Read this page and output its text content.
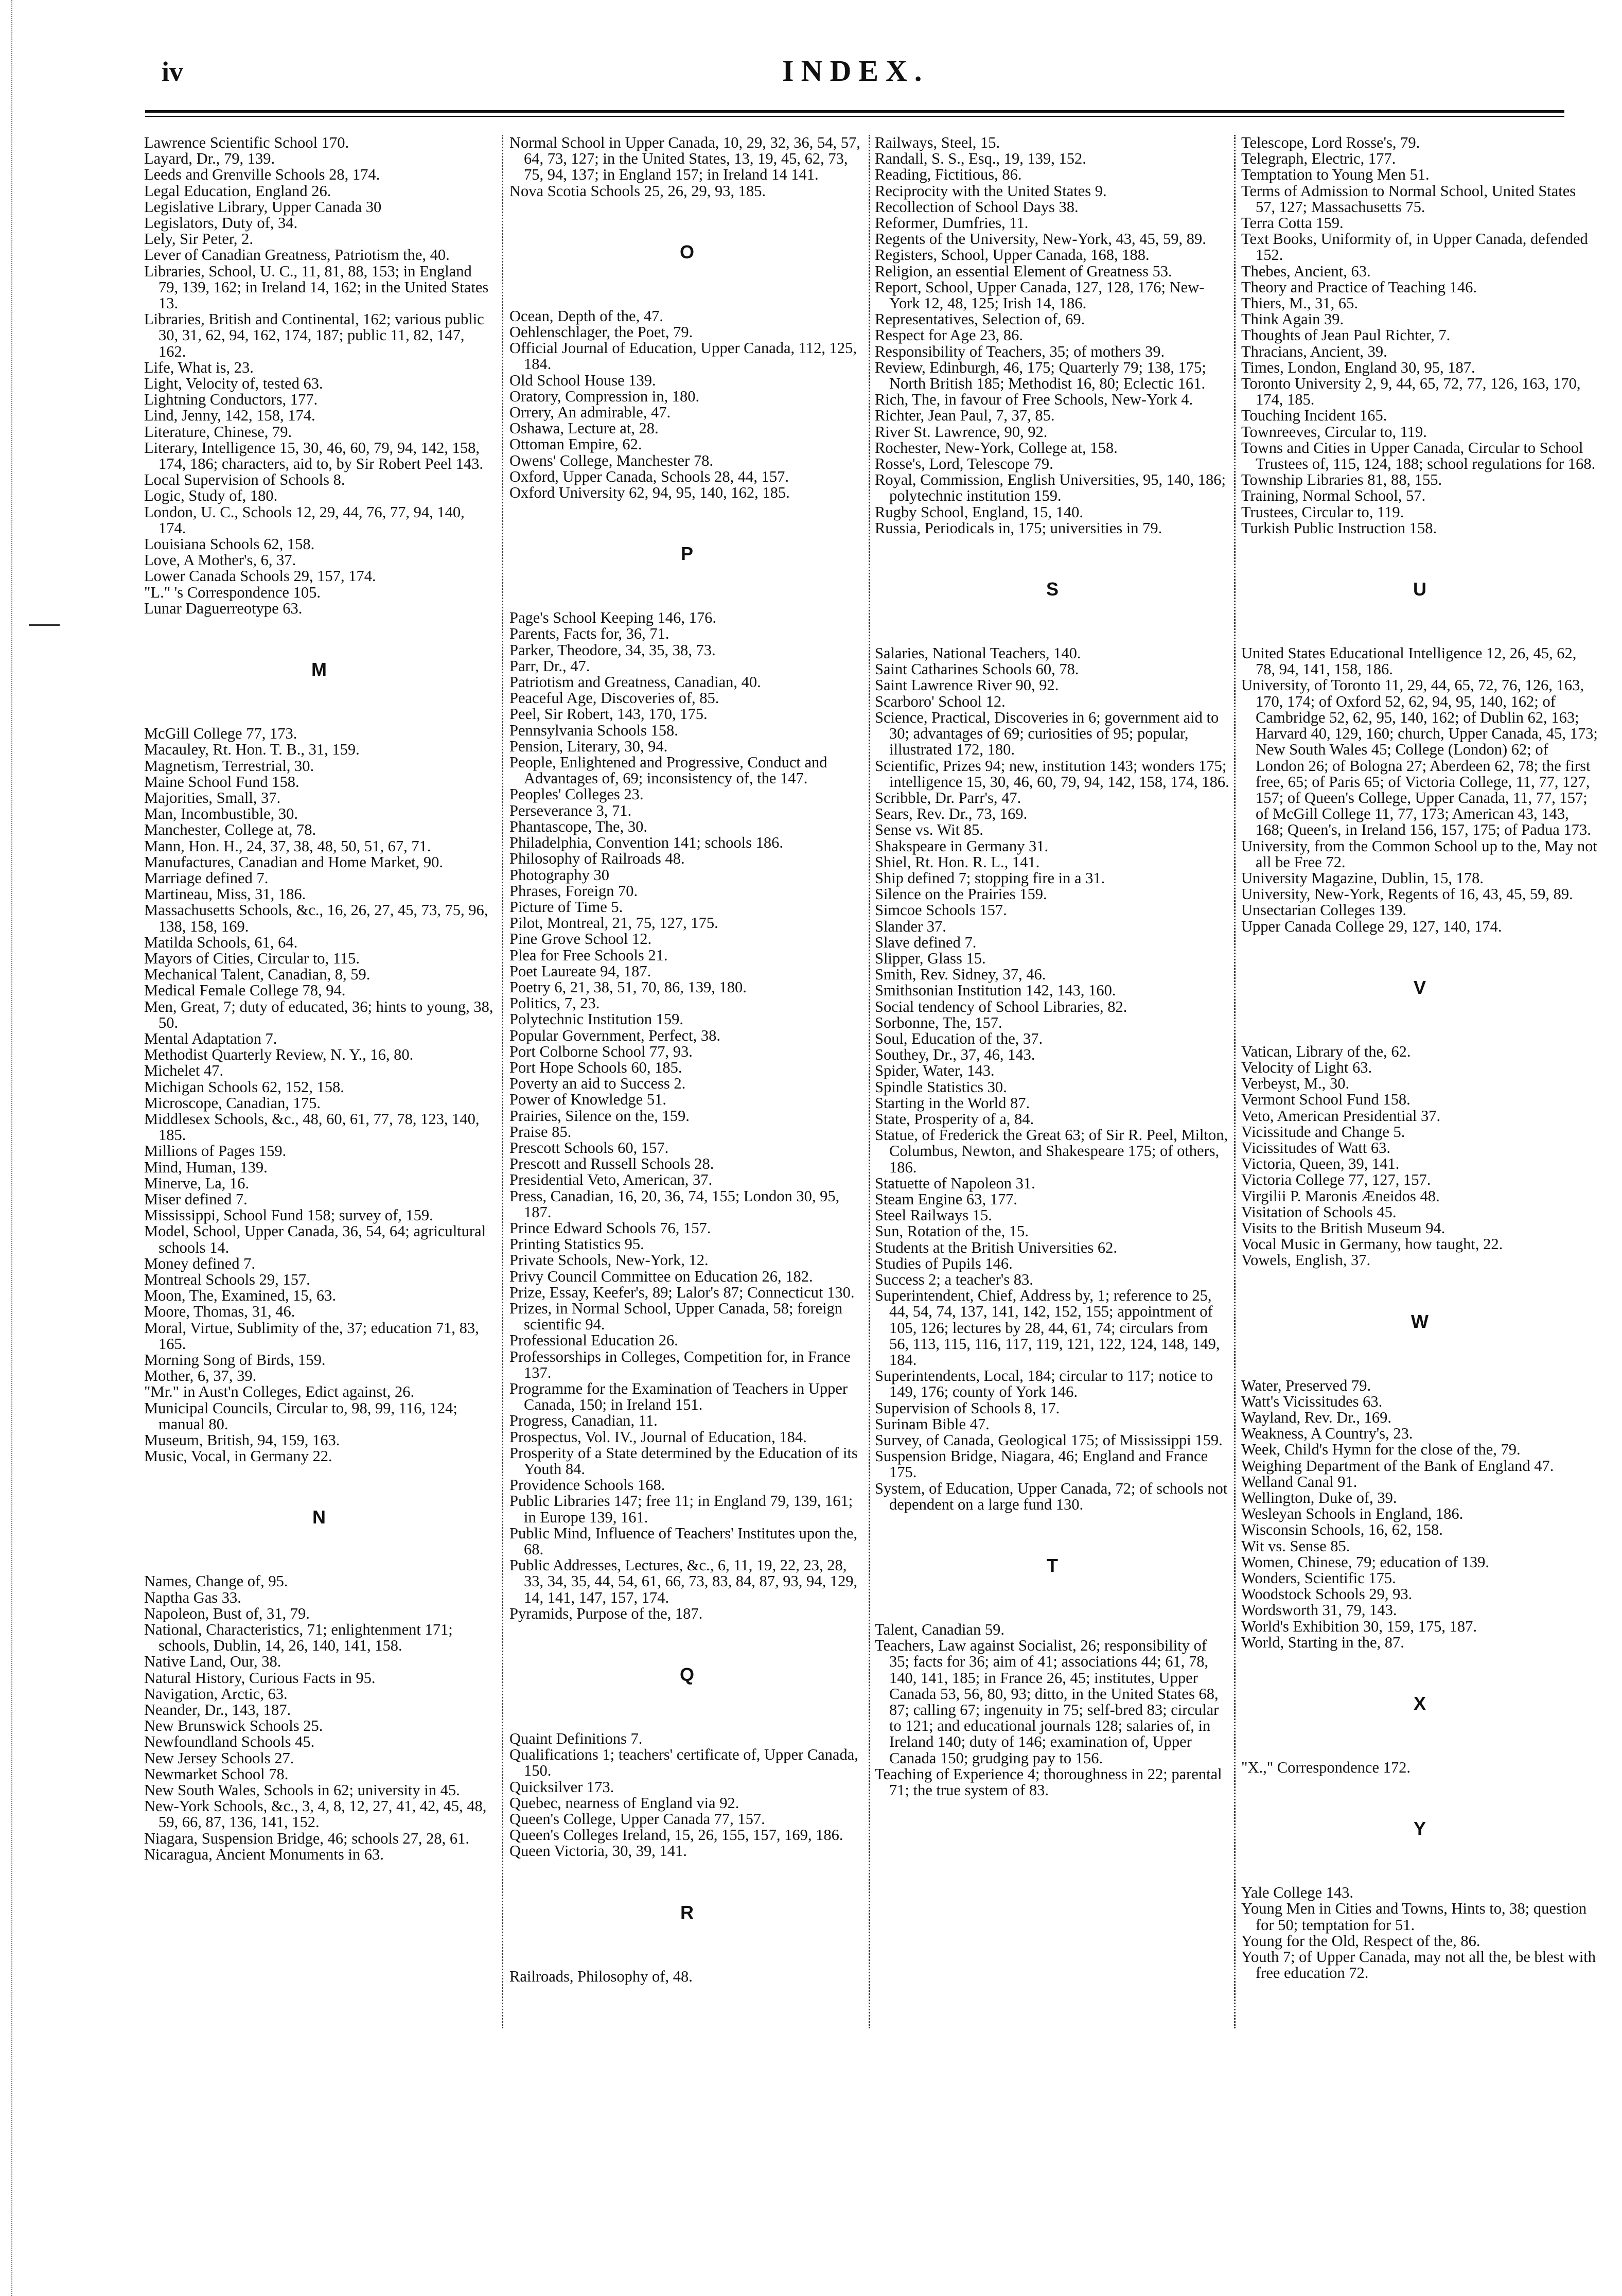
iv	INDEX.
Lawrence Scientific School 170.
Layard, Dr., 79, 139.
Leeds and Grenville Schools 28, 174.
Legal Education, England 26.
Legislative Library, Upper Canada 30
Legislators, Duty of, 34.
Lely, Sir Peter, 2.
Lever of Canadian Greatness, Patriotism the, 40.
Libraries, School, U. C., 11, 81, 88, 153; in England 79, 139, 162; in Ireland 14, 162; in the United States 13.
Libraries, British and Continental, 162; various public 30, 31, 62, 94, 162, 174, 187; public 11, 82, 147, 162.
Life, What is, 23.
Light, Velocity of, tested 63.
Lightning Conductors, 177.
Lind, Jenny, 142, 158, 174.
Literature, Chinese, 79.
Literary, Intelligence 15, 30, 46, 60, 79, 94, 142, 158, 174, 186; characters, aid to, by Sir Robert Peel 143.
Local Supervision of Schools 8.
Logic, Study of, 180.
London, U. C., Schools 12, 29, 44, 76, 77, 94, 140, 174.
Louisiana Schools 62, 158.
Love, A Mother's, 6, 37.
Lower Canada Schools 29, 157, 174.
"L." 's Correspondence 105.
Lunar Daguerreotype 63.
M
McGill College 77, 173.
Macauley, Rt. Hon. T. B., 31, 159.
Magnetism, Terrestrial, 30.
Maine School Fund 158.
Majorities, Small, 37.
Man, Incombustible, 30.
Manchester, College at, 78.
Mann, Hon. H., 24, 37, 38, 48, 50, 51, 67, 71.
Manufactures, Canadian and Home Market, 90.
Marriage defined 7.
Martineau, Miss, 31, 186.
Massachusetts Schools, &c., 16, 26, 27, 45, 73, 75, 96, 138, 158, 169.
Matilda Schools, 61, 64.
Mayors of Cities, Circular to, 115.
Mechanical Talent, Canadian, 8, 59.
Medical Female College 78, 94.
Men, Great, 7; duty of educated, 36; hints to young, 38, 50.
Mental Adaptation 7.
Methodist Quarterly Review, N. Y., 16, 80.
Michelet 47.
Michigan Schools 62, 152, 158.
Microscope, Canadian, 175.
Middlesex Schools, &c., 48, 60, 61, 77, 78, 123, 140, 185.
Millions of Pages 159.
Mind, Human, 139.
Minerve, La, 16.
Miser defined 7.
Mississippi, School Fund 158; survey of, 159.
Model, School, Upper Canada, 36, 54, 64; agricultural schools 14.
Money defined 7.
Montreal Schools 29, 157.
Moon, The, Examined, 15, 63.
Moore, Thomas, 31, 46.
Moral, Virtue, Sublimity of the, 37; education 71, 83, 165.
Morning Song of Birds, 159.
Mother, 6, 37, 39.
"Mr." in Aust'n Colleges, Edict against, 26.
Municipal Councils, Circular to, 98, 99, 116, 124; manual 80.
Museum, British, 94, 159, 163.
Music, Vocal, in Germany 22.
N
Names, Change of, 95.
Naptha Gas 33.
Napoleon, Bust of, 31, 79.
National, Characteristics, 71; enlightenment 171; schools, Dublin, 14, 26, 140, 141, 158.
Native Land, Our, 38.
Natural History, Curious Facts in 95.
Navigation, Arctic, 63.
Neander, Dr., 143, 187.
New Brunswick Schools 25.
Newfoundland Schools 45.
New Jersey Schools 27.
Newmarket School 78.
New South Wales, Schools in 62; university in 45.
New-York Schools, &c., 3, 4, 8, 12, 27, 41, 42, 45, 48, 59, 66, 87, 136, 141, 152.
Niagara, Suspension Bridge, 46; schools 27, 28, 61.
Nicaragua, Ancient Monuments in 63.
Normal School in Upper Canada, 10, 29, 32, 36, 54, 57, 64, 73, 127; in the United States, 13, 19, 45, 62, 73, 75, 94, 137; in England 157; in Ireland 14 141.
Nova Scotia Schools 25, 26, 29, 93, 185.
O
Ocean, Depth of the, 47.
Oehlenschlager, the Poet, 79.
Official Journal of Education, Upper Canada, 112, 125, 184.
Old School House 139.
Oratory, Compression in, 180.
Orrery, An admirable, 47.
Oshawa, Lecture at, 28.
Ottoman Empire, 62.
Owens' College, Manchester 78.
Oxford, Upper Canada, Schools 28, 44, 157.
Oxford University 62, 94, 95, 140, 162, 185.
P
Page's School Keeping 146, 176.
Parents, Facts for, 36, 71.
Parker, Theodore, 34, 35, 38, 73.
Parr, Dr., 47.
Patriotism and Greatness, Canadian, 40.
Peaceful Age, Discoveries of, 85.
Peel, Sir Robert, 143, 170, 175.
Pennsylvania Schools 158.
Pension, Literary, 30, 94.
People, Enlightened and Progressive, Conduct and Advantages of, 69; inconsistency of, the 147.
Peoples' Colleges 23.
Perseverance 3, 71.
Phantascope, The, 30.
Philadelphia, Convention 141; schools 186.
Philosophy of Railroads 48.
Photography 30
Phrases, Foreign 70.
Picture of Time 5.
Pilot, Montreal, 21, 75, 127, 175.
Pine Grove School 12.
Plea for Free Schools 21.
Poet Laureate 94, 187.
Poetry 6, 21, 38, 51, 70, 86, 139, 180.
Politics, 7, 23.
Polytechnic Institution 159.
Popular Government, Perfect, 38.
Port Colborne School 77, 93.
Port Hope Schools 60, 185.
Poverty an aid to Success 2.
Power of Knowledge 51.
Prairies, Silence on the, 159.
Praise 85.
Prescott Schools 60, 157.
Prescott and Russell Schools 28.
Presidential Veto, American, 37.
Press, Canadian, 16, 20, 36, 74, 155; London 30, 95, 187.
Prince Edward Schools 76, 157.
Printing Statistics 95.
Private Schools, New-York, 12.
Privy Council Committee on Education 26, 182.
Prize, Essay, Keefer's, 89; Lalor's 87; Connecticut 130.
Prizes, in Normal School, Upper Canada, 58; foreign scientific 94.
Professional Education 26.
Professorships in Colleges, Competition for, in France 137.
Programme for the Examination of Teachers in Upper Canada, 150; in Ireland 151.
Progress, Canadian, 11.
Prospectus, Vol. IV., Journal of Education, 184.
Prosperity of a State determined by the Education of its Youth 84.
Providence Schools 168.
Public Libraries 147; free 11; in England 79, 139, 161; in Europe 139, 161.
Public Mind, Influence of Teachers' Institutes upon the, 68.
Public Addresses, Lectures, &c., 6, 11, 19, 22, 23, 28, 33, 34, 35, 44, 54, 61, 66, 73, 83, 84, 87, 93, 94, 129, 14, 141, 147, 157, 174.
Pyramids, Purpose of the, 187.
Q
Quaint Definitions 7.
Qualifications 1; teachers' certificate of, Upper Canada, 150.
Quicksilver 173.
Quebec, nearness of England via 92.
Queen's College, Upper Canada 77, 157.
Queen's Colleges Ireland, 15, 26, 155, 157, 169, 186.
Queen Victoria, 30, 39, 141.
R
Railroads, Philosophy of, 48.
Railways, Steel, 15.
Randall, S. S., Esq., 19, 139, 152.
Reading, Fictitious, 86.
Reciprocity with the United States 9.
Recollection of School Days 38.
Reformer, Dumfries, 11.
Regents of the University, New-York, 43, 45, 59, 89.
Registers, School, Upper Canada, 168, 188.
Religion, an essential Element of Greatness 53.
Report, School, Upper Canada, 127, 128, 176; New-York 12, 48, 125; Irish 14, 186.
Representatives, Selection of, 69.
Respect for Age 23, 86.
Responsibility of Teachers, 35; of mothers 39.
Review, Edinburgh, 46, 175; Quarterly 79; 138, 175; North British 185; Methodist 16, 80; Eclectic 161.
Rich, The, in favour of Free Schools, New-York 4.
Richter, Jean Paul, 7, 37, 85.
River St. Lawrence, 90, 92.
Rochester, New-York, College at, 158.
Rosse's, Lord, Telescope 79.
Royal, Commission, English Universities, 95, 140, 186; polytechnic institution 159.
Rugby School, England, 15, 140.
Russia, Periodicals in, 175; universities in 79.
S
Salaries, National Teachers, 140.
Saint Catharines Schools 60, 78.
Saint Lawrence River 90, 92.
Scarboro' School 12.
Science, Practical, Discoveries in 6; government aid to 30; advantages of 69; curiosities of 95; popular, illustrated 172, 180.
Scientific, Prizes 94; new, institution 143; wonders 175; intelligence 15, 30, 46, 60, 79, 94, 142, 158, 174, 186.
Scribble, Dr. Parr's, 47.
Sears, Rev. Dr., 73, 169.
Sense vs. Wit 85.
Shakspeare in Germany 31.
Shiel, Rt. Hon. R. L., 141.
Ship defined 7; stopping fire in a 31.
Silence on the Prairies 159.
Simcoe Schools 157.
Slander 37.
Slave defined 7.
Slipper, Glass 15.
Smith, Rev. Sidney, 37, 46.
Smithsonian Institution 142, 143, 160.
Social tendency of School Libraries, 82.
Sorbonne, The, 157.
Soul, Education of the, 37.
Southey, Dr., 37, 46, 143.
Spider, Water, 143.
Spindle Statistics 30.
Starting in the World 87.
State, Prosperity of a, 84.
Statue, of Frederick the Great 63; of Sir R. Peel, Milton, Columbus, Newton, and Shakespeare 175; of others, 186.
Statuette of Napoleon 31.
Steam Engine 63, 177.
Steel Railways 15.
Sun, Rotation of the, 15.
Students at the British Universities 62.
Studies of Pupils 146.
Success 2; a teacher's 83.
Superintendent, Chief, Address by, 1; reference to 25, 44, 54, 74, 137, 141, 142, 152, 155; appointment of 105, 126; lectures by 28, 44, 61, 74; circulars from 56, 113, 115, 116, 117, 119, 121, 122, 124, 148, 149, 184.
Superintendents, Local, 184; circular to 117; notice to 149, 176; county of York 146.
Supervision of Schools 8, 17.
Surinam Bible 47.
Survey, of Canada, Geological 175; of Mississippi 159.
Suspension Bridge, Niagara, 46; England and France 175.
System, of Education, Upper Canada, 72; of schools not dependent on a large fund 130.
T
Talent, Canadian 59.
Teachers, Law against Socialist, 26; responsibility of 35; facts for 36; aim of 41; associations 44; 61, 78, 140, 141, 185; in France 26, 45; institutes, Upper Canada 53, 56, 80, 93; ditto, in the United States 68, 87; calling 67; ingenuity in 75; self-bred 83; circular to 121; and educational journals 128; salaries of, in Ireland 140; duty of 146; examination of, Upper Canada 150; grudging pay to 156.
Teaching of Experience 4; thoroughness in 22; parental 71; the true system of 83.
Telescope, Lord Rosse's, 79.
Telegraph, Electric, 177.
Temptation to Young Men 51.
Terms of Admission to Normal School, United States 57, 127; Massachusetts 75.
Terra Cotta 159.
Text Books, Uniformity of, in Upper Canada, defended 152.
Thebes, Ancient, 63.
Theory and Practice of Teaching 146.
Thiers, M., 31, 65.
Think Again 39.
Thoughts of Jean Paul Richter, 7.
Thracians, Ancient, 39.
Times, London, England 30, 95, 187.
Toronto University 2, 9, 44, 65, 72, 77, 126, 163, 170, 174, 185.
Touching Incident 165.
Townreeves, Circular to, 119.
Towns and Cities in Upper Canada, Circular to School Trustees of, 115, 124, 188; school regulations for 168.
Township Libraries 81, 88, 155.
Training, Normal School, 57.
Trustees, Circular to, 119.
Turkish Public Instruction 158.
U
United States Educational Intelligence 12, 26, 45, 62, 78, 94, 141, 158, 186.
University, of Toronto 11, 29, 44, 65, 72, 76, 126, 163, 170, 174; of Oxford 52, 62, 94, 95, 140, 162; of Cambridge 52, 62, 95, 140, 162; of Dublin 62, 163; Harvard 40, 129, 160; church, Upper Canada, 45, 173; New South Wales 45; College (London) 62; of London 26; of Bologna 27; Aberdeen 62, 78; the first free, 65; of Paris 65; of Victoria College, 11, 77, 127, 157; of Queen's College, Upper Canada, 11, 77, 157; of McGill College 11, 77, 173; American 43, 143, 168; Queen's, in Ireland 156, 157, 175; of Padua 173.
University, from the Common School up to the, May not all be Free 72.
University Magazine, Dublin, 15, 178.
University, New-York, Regents of 16, 43, 45, 59, 89.
Unsectarian Colleges 139.
Upper Canada College 29, 127, 140, 174.
V
Vatican, Library of the, 62.
Velocity of Light 63.
Verbeyst, M., 30.
Vermont School Fund 158.
Veto, American Presidential 37.
Vicissitude and Change 5.
Vicissitudes of Watt 63.
Victoria, Queen, 39, 141.
Victoria College 77, 127, 157.
Virgilii P. Maronis Æneidos 48.
Visitation of Schools 45.
Visits to the British Museum 94.
Vocal Music in Germany, how taught, 22.
Vowels, English, 37.
W
Water, Preserved 79.
Watt's Vicissitudes 63.
Wayland, Rev. Dr., 169.
Weakness, A Country's, 23.
Week, Child's Hymn for the close of the, 79.
Weighing Department of the Bank of England 47.
Welland Canal 91.
Wellington, Duke of, 39.
Wesleyan Schools in England, 186.
Wisconsin Schools, 16, 62, 158.
Wit vs. Sense 85.
Women, Chinese, 79; education of 139.
Wonders, Scientific 175.
Woodstock Schools 29, 93.
Wordsworth 31, 79, 143.
World's Exhibition 30, 159, 175, 187.
World, Starting in the, 87.
X
"X.," Correspondence 172.
Y
Yale College 143.
Young Men in Cities and Towns, Hints to, 38; question for 50; temptation for 51.
Young for the Old, Respect of the, 86.
Youth 7; of Upper Canada, may not all the, be blest with free education 72.
